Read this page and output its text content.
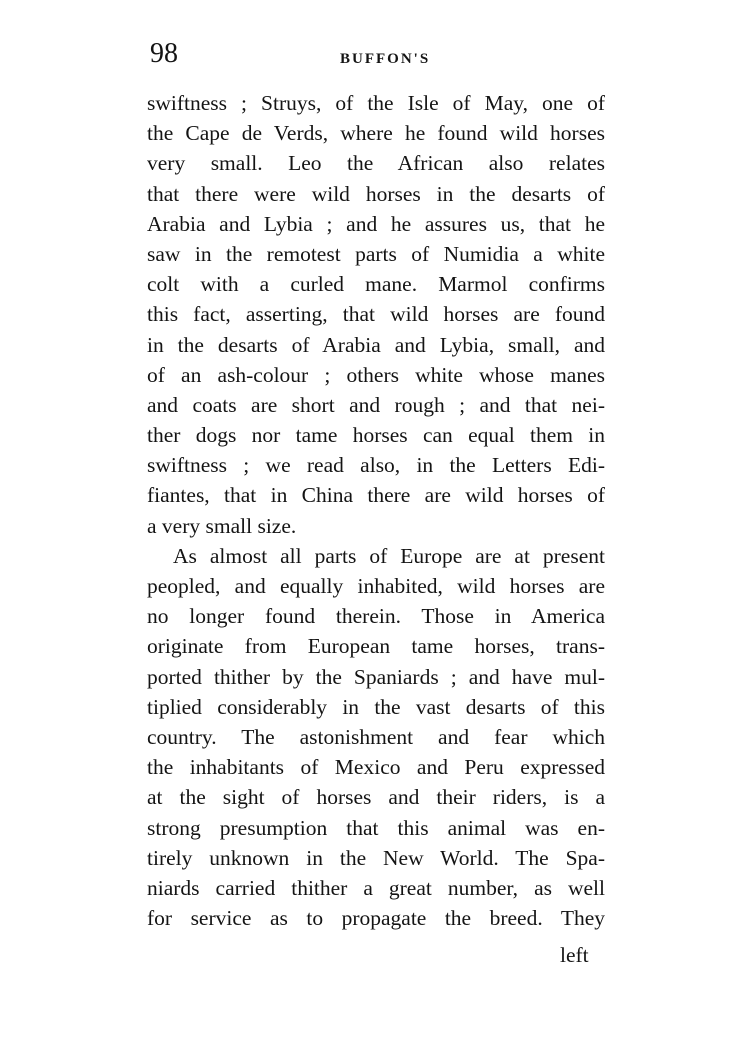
98	BUFFON'S
swiftness ; Struys, of the Isle of May, one of
the Cape de Verds, where he found wild horses
very small. Leo the African also relates
that there were wild horses in the desarts of
Arabia and Lybia ; and he assures us, that he
saw in the remotest parts of Numidia a white
colt with a curled mane. Marmol confirms
this fact, asserting, that wild horses are found
in the desarts of Arabia and Lybia, small, and
of an ash-colour ; others white whose manes
and coats are short and rough ; and that nei-
ther dogs nor tame horses can equal them in
swiftness ; we read also, in the Letters Edi-
fiantes, that in China there are wild horses of
a very small size.
As almost all parts of Europe are at present
peopled, and equally inhabited, wild horses are
no longer found therein. Those in America
originate from European tame horses, trans-
ported thither by the Spaniards ; and have mul-
tiplied considerably in the vast desarts of this
country. The astonishment and fear which
the inhabitants of Mexico and Peru expressed
at the sight of horses and their riders, is a
strong presumption that this animal was en-
tirely unknown in the New World. The Spa-
niards carried thither a great number, as well
for service as to propagate the breed. They
left
